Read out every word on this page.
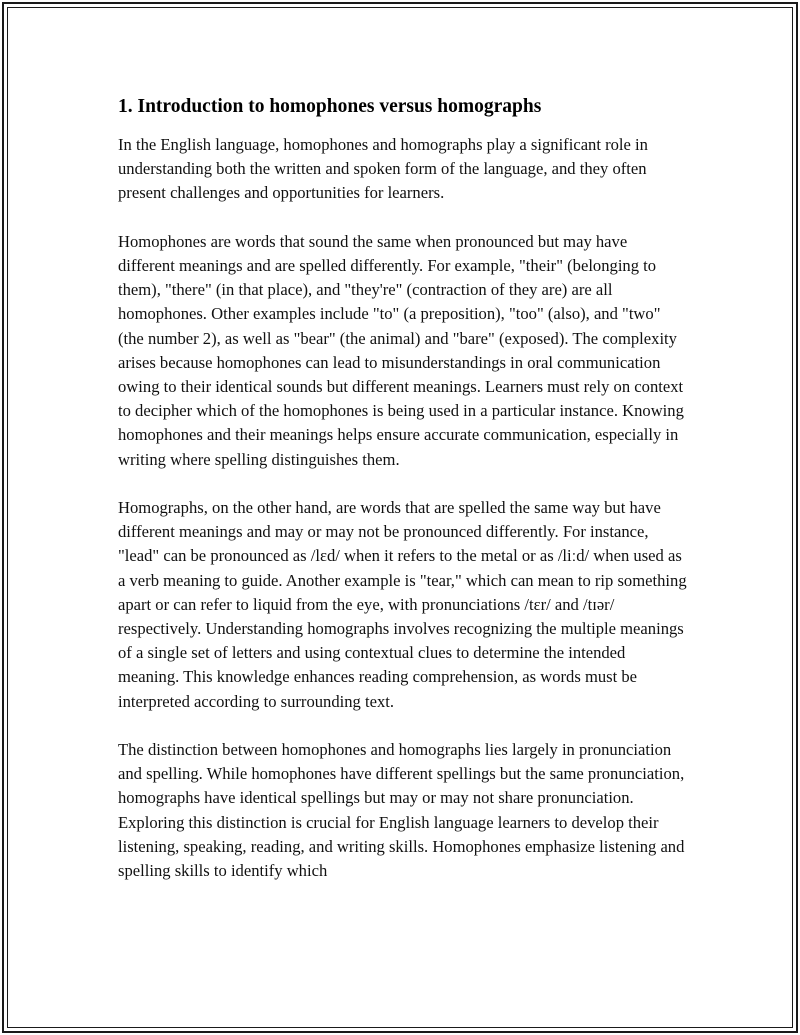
1. Introduction to homophones versus homographs

In the English language, homophones and homographs play a significant role in understanding both the written and spoken form of the language, and they often present challenges and opportunities for learners.

Homophones are words that sound the same when pronounced but may have different meanings and are spelled differently. For example, "their" (belonging to them), "there" (in that place), and "they're" (contraction of they are) are all homophones. Other examples include "to" (a preposition), "too" (also), and "two" (the number 2), as well as "bear" (the animal) and "bare" (exposed). The complexity arises because homophones can lead to misunderstandings in oral communication owing to their identical sounds but different meanings. Learners must rely on context to decipher which of the homophones is being used in a particular instance. Knowing homophones and their meanings helps ensure accurate communication, especially in writing where spelling distinguishes them.

Homographs, on the other hand, are words that are spelled the same way but have different meanings and may or may not be pronounced differently. For instance, "lead" can be pronounced as /lɛd/ when it refers to the metal or as /liːd/ when used as a verb meaning to guide. Another example is "tear," which can mean to rip something apart or can refer to liquid from the eye, with pronunciations /tɛr/ and /tɪər/ respectively. Understanding homographs involves recognizing the multiple meanings of a single set of letters and using contextual clues to determine the intended meaning. This knowledge enhances reading comprehension, as words must be interpreted according to surrounding text.

The distinction between homophones and homographs lies largely in pronunciation and spelling. While homophones have different spellings but the same pronunciation, homographs have identical spellings but may or may not share pronunciation. Exploring this distinction is crucial for English language learners to develop their listening, speaking, reading, and writing skills. Homophones emphasize listening and spelling skills to identify which
